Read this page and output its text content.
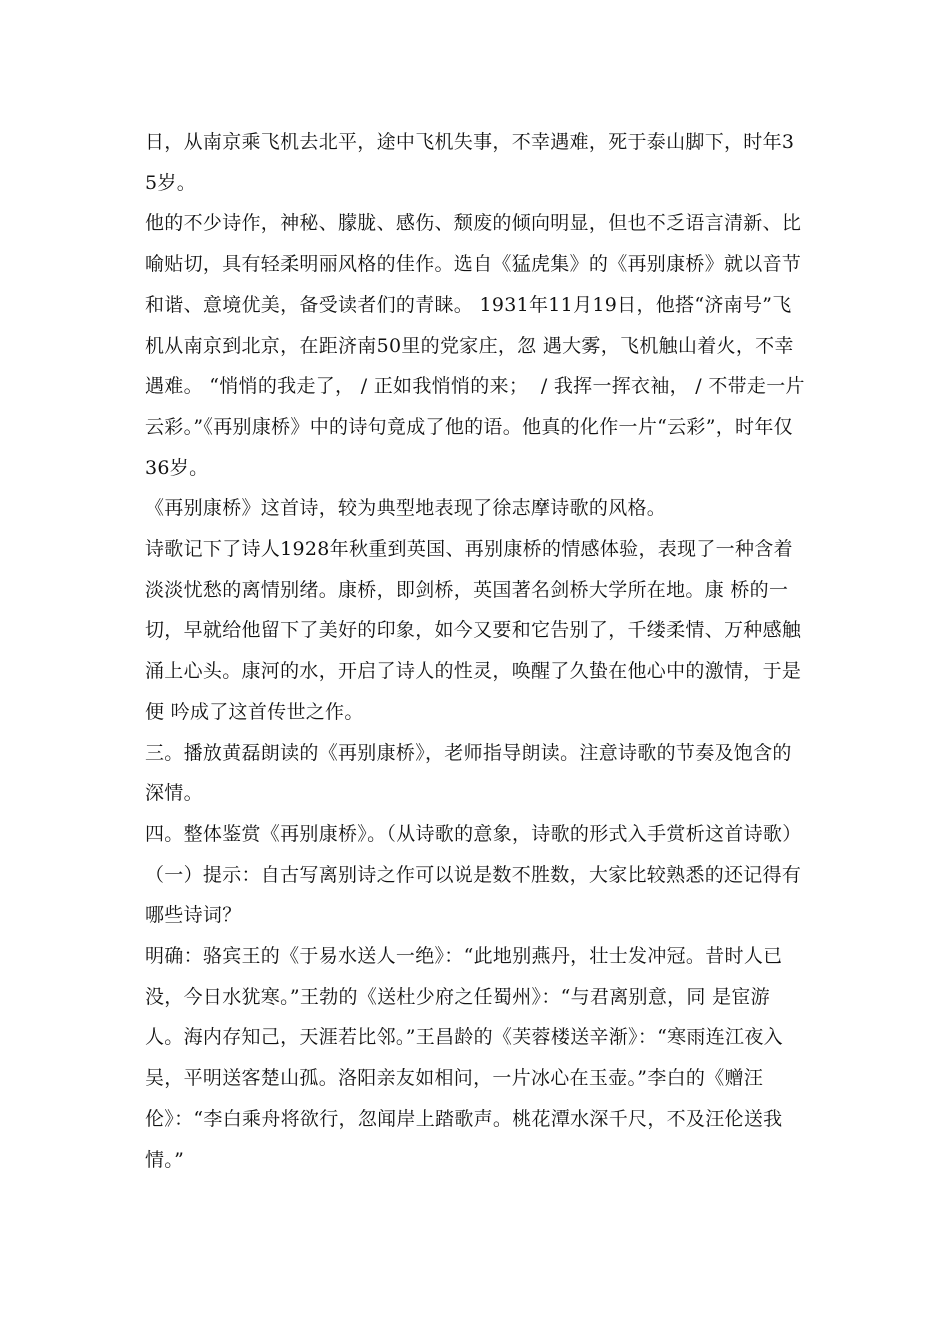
日，从南京乘飞机去北平，途中飞机失事，不幸遇难，死于泰山脚下，时年35岁。

他的不少诗作，神秘、朦胧、感伤、颓废的倾向明显，但也不乏语言清新、比喻贴切，具有轻柔明丽风格的佳作。选自《猛虎集》的《再别康桥》就以音节和谐、意境优美，备受读者们的青睐。 1931年11月19日，他搭“济南号”飞机从南京到北京，在距济南50里的党家庄，忽 遇大雾，飞机触山着火，不幸遇难。 “悄悄的我走了， / 正如我悄悄的来；  / 我挥一挥衣袖， / 不带走一片云彩。”《再别康桥》中的诗句竟成了他的语。他真的化作一片“云彩”，时年仅36岁。

《再别康桥》这首诗，较为典型地表现了徐志摩诗歌的风格。

诗歌记下了诗人1928年秋重到英国、再别康桥的情感体验，表现了一种含着淡淡忧愁的离情别绪。康桥，即剑桥，英国著名剑桥大学所在地。康 桥的一切，早就给他留下了美好的印象，如今又要和它告别了，千缕柔情、万种感触涌上心头。康河的水，开启了诗人的性灵，唤醒了久蛰在他心中的激情，于是便 吟成了这首传世之作。

三。播放黄磊朗读的《再别康桥》，老师指导朗读。注意诗歌的节奏及饱含的深情。

四。整体鉴赏《再别康桥》。（从诗歌的意象，诗歌的形式入手赏析这首诗歌）

（一）提示：自古写离别诗之作可以说是数不胜数，大家比较熟悉的还记得有哪些诗词？

明确：骆宾王的《于易水送人一绝》：“此地别燕丹，壮士发冲冠。昔时人已没，今日水犹寒。”王勃的《送杜少府之任蜀州》：“与君离别意，同 是宦游人。海内存知己，天涯若比邻。”王昌龄的《芙蓉楼送辛渐》：“寒雨连江夜入吴，平明送客楚山孤。洛阳亲友如相问，一片冰心在玉壶。”李白的《赠汪伦》：“李白乘舟将欲行，忽闻岸上踏歌声。桃花潭水深千尺，不及汪伦送我情。”
